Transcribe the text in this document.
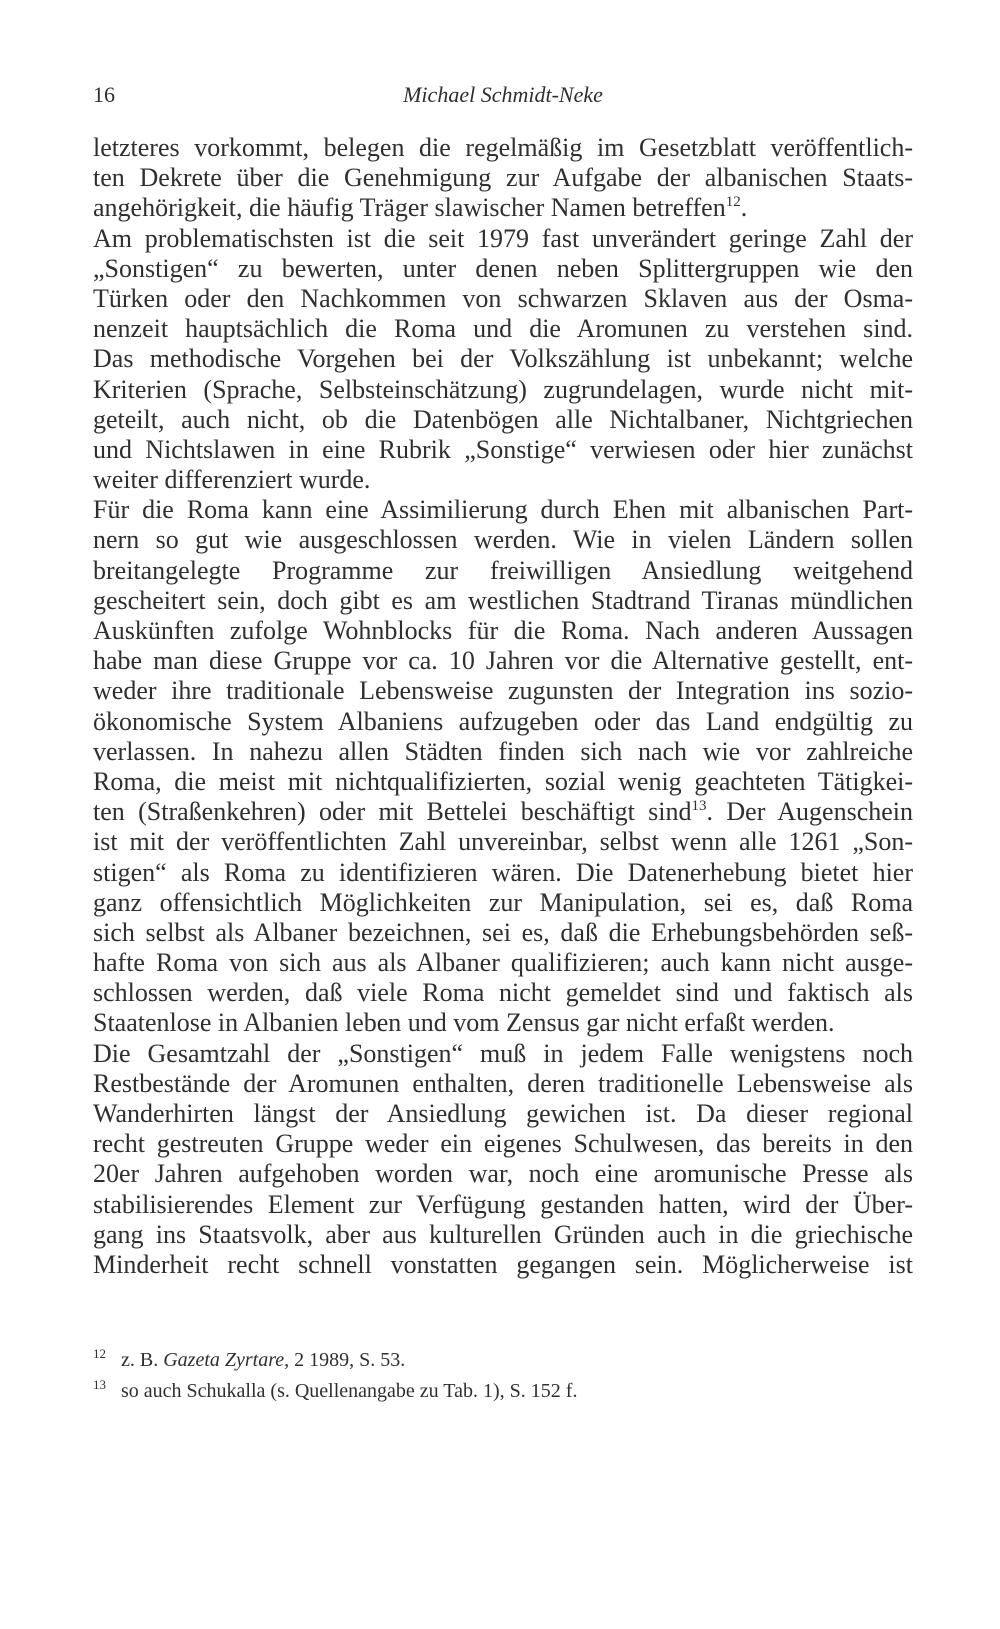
16	Michael Schmidt-Neke
letzteres vorkommt, belegen die regelmäßig im Gesetzblatt veröffentlich-
ten Dekrete über die Genehmigung zur Aufgabe der albanischen Staats-
angehörigkeit, die häufig Träger slawischer Namen betreffen$^{12}$.
Am problematischsten ist die seit 1979 fast unverändert geringe Zahl der
„Sonstigen“ zu bewerten, unter denen neben Splittergruppen wie den
Türken oder den Nachkommen von schwarzen Sklaven aus der Osma-
nenzeit hauptsächlich die Roma und die Aromunen zu verstehen sind.
Das methodische Vorgehen bei der Volkszählung ist unbekannt; welche
Kriterien (Sprache, Selbsteinschätzung) zugrundelagen, wurde nicht mit-
geteilt, auch nicht, ob die Datenbögen alle Nichtalbaner, Nichtgriechen
und Nichtslawen in eine Rubrik „Sonstige“ verwiesen oder hier zunächst
weiter differenziert wurde.
Für die Roma kann eine Assimilierung durch Ehen mit albanischen Part-
nern so gut wie ausgeschlossen werden. Wie in vielen Ländern sollen
breitangelegte Programme zur freiwilligen Ansiedlung weitgehend
gescheitert sein, doch gibt es am westlichen Stadtrand Tiranas mündlichen
Auskünften zufolge Wohnblocks für die Roma. Nach anderen Aussagen
habe man diese Gruppe vor ca. 10 Jahren vor die Alternative gestellt, ent-
weder ihre traditionale Lebensweise zugunsten der Integration ins sozio-
ökonomische System Albaniens aufzugeben oder das Land endgültig zu
verlassen. In nahezu allen Städten finden sich nach wie vor zahlreiche
Roma, die meist mit nichtqualifizierten, sozial wenig geachteten Tätigkei-
ten (Straßenkehren) oder mit Bettelei beschäftigt sind$^{13}$. Der Augenschein
ist mit der veröffentlichten Zahl unvereinbar, selbst wenn alle 1261 „Son-
stigen“ als Roma zu identifizieren wären. Die Datenerhebung bietet hier
ganz offensichtlich Möglichkeiten zur Manipulation, sei es, daß Roma
sich selbst als Albaner bezeichnen, sei es, daß die Erhebungsbehörden seß-
hafte Roma von sich aus als Albaner qualifizieren; auch kann nicht ausge-
schlossen werden, daß viele Roma nicht gemeldet sind und faktisch als
Staatenlose in Albanien leben und vom Zensus gar nicht erfaßt werden.
Die Gesamtzahl der „Sonstigen“ muß in jedem Falle wenigstens noch
Restbestände der Aromunen enthalten, deren traditionelle Lebensweise als
Wanderhirten längst der Ansiedlung gewichen ist. Da dieser regional
recht gestreuten Gruppe weder ein eigenes Schulwesen, das bereits in den
20er Jahren aufgehoben worden war, noch eine aromunische Presse als
stabilisierendes Element zur Verfügung gestanden hatten, wird der Über-
gang ins Staatsvolk, aber aus kulturellen Gründen auch in die griechische
Minderheit recht schnell vonstatten gegangen sein. Möglicherweise ist
12 z. B. Gazeta Zyrtare, 2 1989, S. 53.
13 so auch Schukalla (s. Quellenangabe zu Tab. 1), S. 152 f.
